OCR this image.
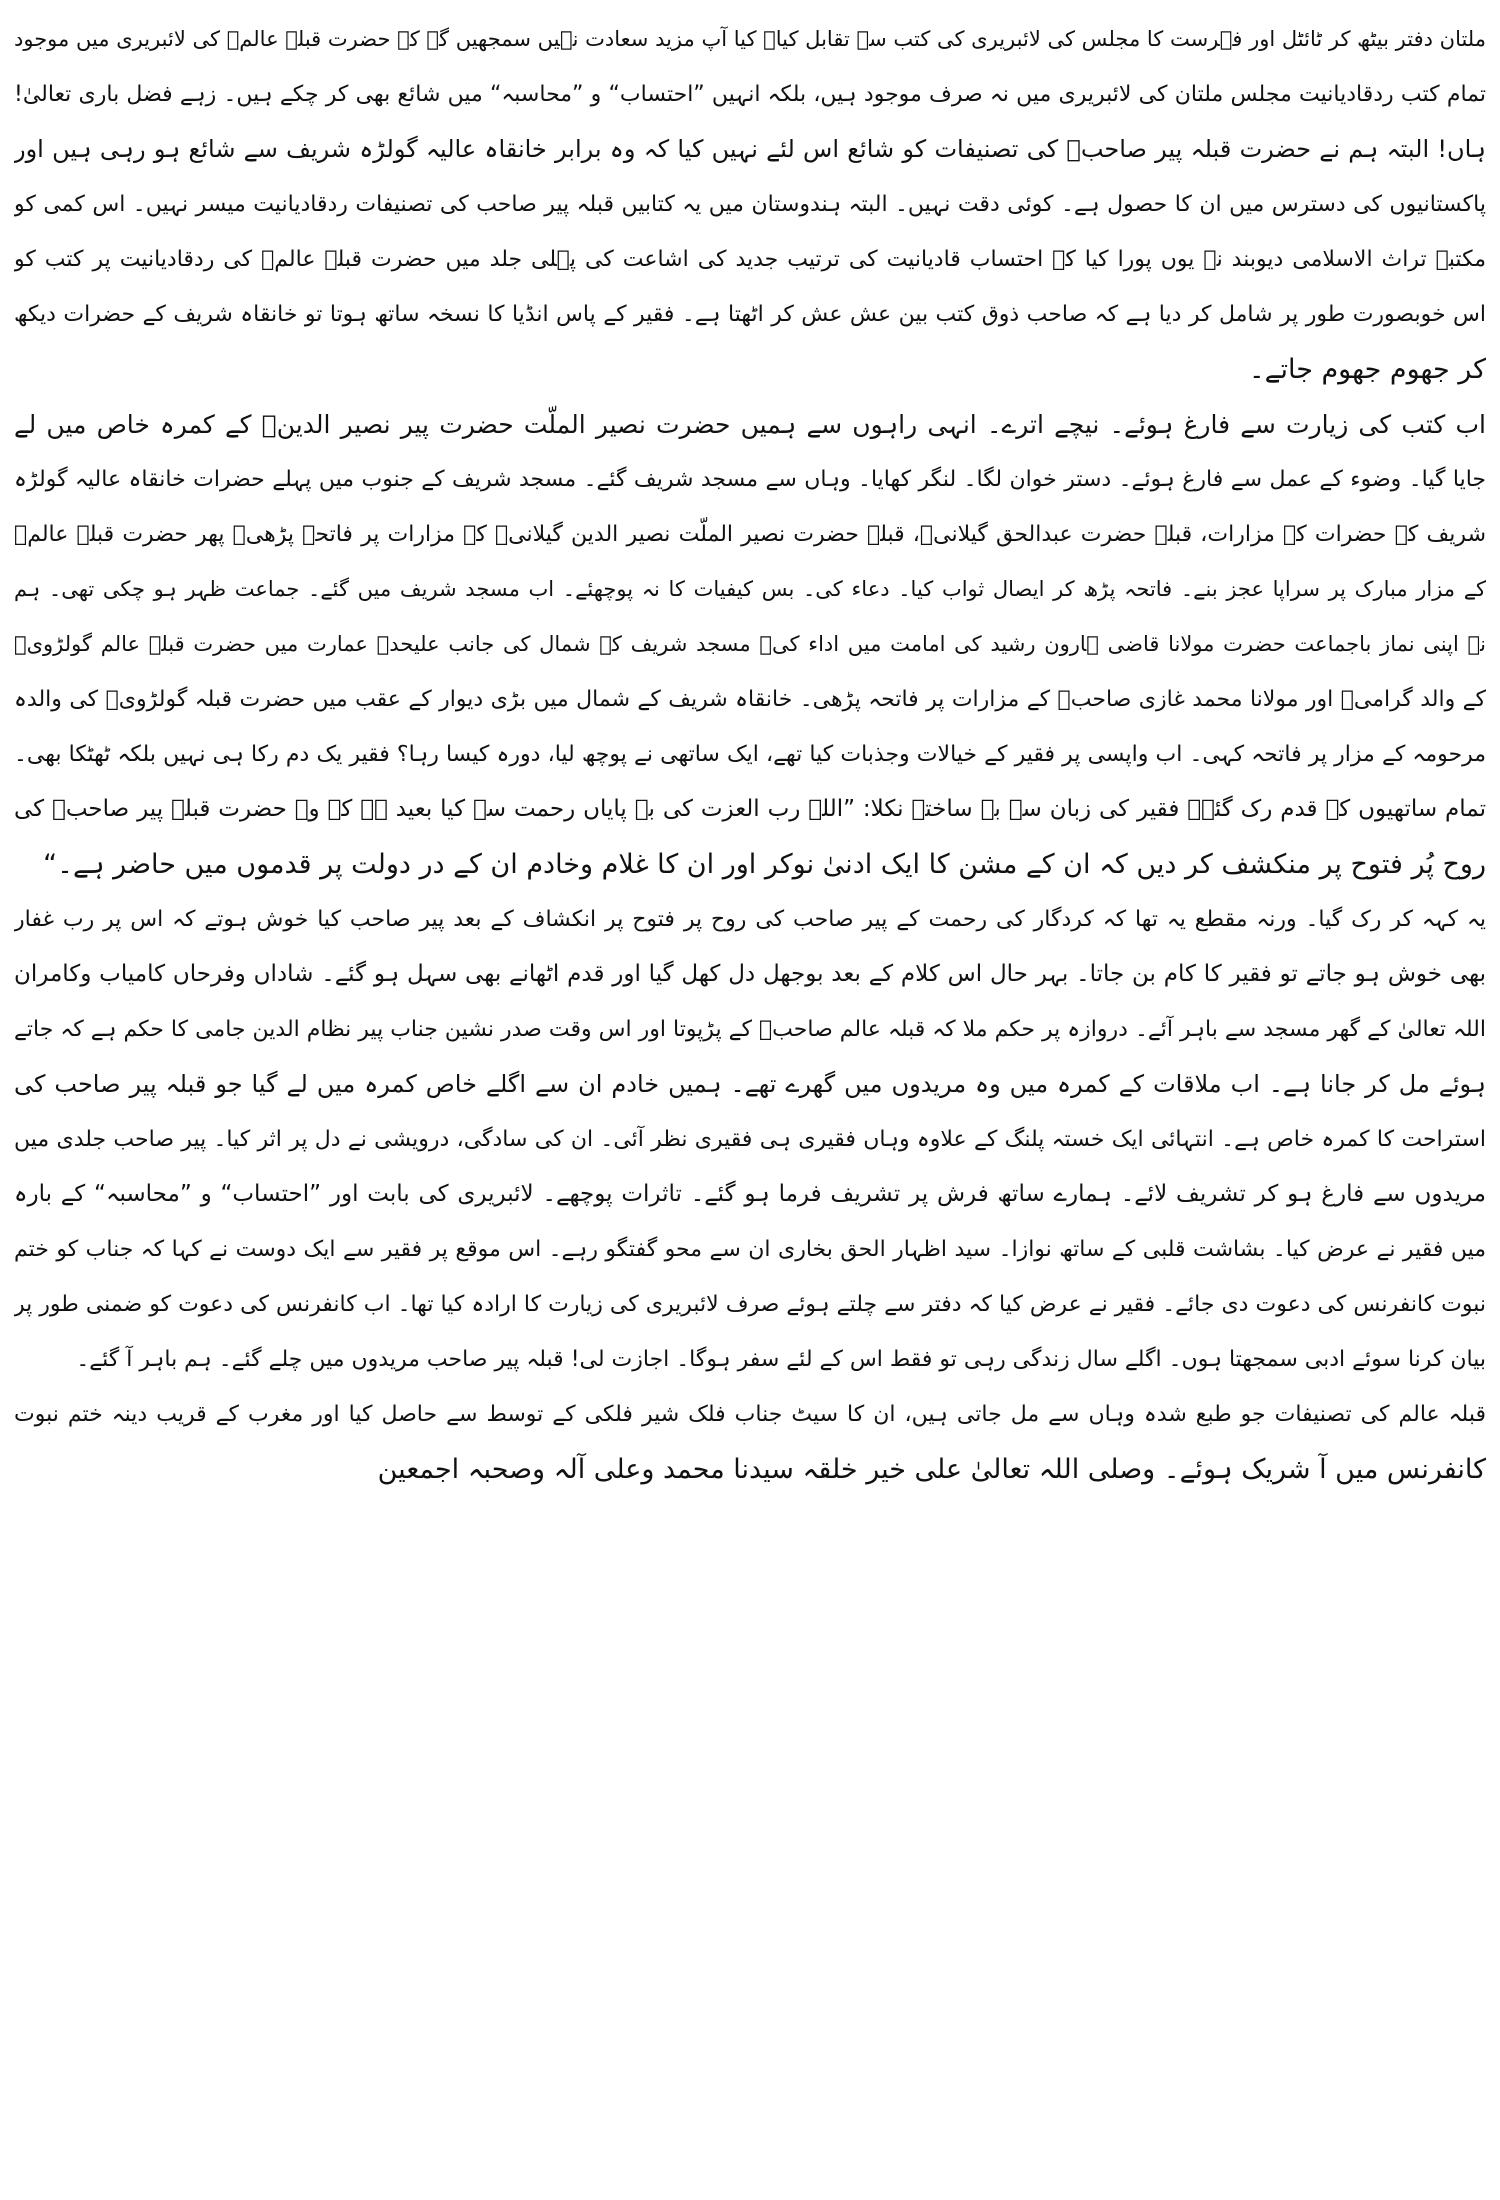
ملتان دفتر بیٹھ کر ٹائٹل اور فہرست کا مجلس کی لائبریری کی کتب سے تقابل کیا۔ کیا آپ مزید سعادت نہیں سمجھیں گے کہ حضرت قبلہ عالمؒ کی لائبریری میں موجود
تمام کتب ردقادیانیت مجلس ملتان کی لائبریری میں نہ صرف موجود ہیں، بلکہ انہیں ”احتساب“ و ”محاسبہ“ میں شائع بھی کر چکے ہیں۔ زہے فضل باری تعالیٰ!
ہاں! البتہ ہم نے حضرت قبلہ پیر صاحبؒ کی تصنیفات کو شائع اس لئے نہیں کیا کہ وہ برابر خانقاہ عالیہ گولڑہ شریف سے شائع ہو رہی ہیں اور
پاکستانیوں کی دسترس میں ان کا حصول ہے۔ کوئی دقت نہیں۔ البتہ ہندوستان میں یہ کتابیں قبلہ پیر صاحب کی تصنیفات ردقادیانیت میسر نہیں۔ اس کمی کو
مکتبہ تراث الاسلامی دیوبند نے یوں پورا کیا کہ احتساب قادیانیت کی ترتیب جدید کی اشاعت کی پہلی جلد میں حضرت قبلہ عالمؒ کی ردقادیانیت پر کتب کو
اس خوبصورت طور پر شامل کر دیا ہے کہ صاحب ذوق کتب بین عش عش کر اٹھتا ہے۔ فقیر کے پاس انڈیا کا نسخہ ساتھ ہوتا تو خانقاہ شریف کے حضرات دیکھ
کر جھوم جھوم جاتے۔
اب کتب کی زیارت سے فارغ ہوئے۔ نیچے اترے۔ انہی راہوں سے ہمیں حضرت نصیر الملّت حضرت پیر نصیر الدینؒ کے کمرہ خاص میں لے
جایا گیا۔ وضوء کے عمل سے فارغ ہوئے۔ دستر خوان لگا۔ لنگر کھایا۔ وہاں سے مسجد شریف گئے۔ مسجد شریف کے جنوب میں پہلے حضرات خانقاہ عالیہ گولڑہ
شریف کے حضرات کے مزارات، قبلہ حضرت عبدالحق گیلانیؒ، قبلہ حضرت نصیر الملّت نصیر الدین گیلانیؒ کے مزارات پر فاتحہ پڑھی۔ پھر حضرت قبلہ عالمؒ
کے مزار مبارک پر سراپا عجز بنے۔ فاتحہ پڑھ کر ایصال ثواب کیا۔ دعاء کی۔ بس کیفیات کا نہ پوچھئے۔ اب مسجد شریف میں گئے۔ جماعت ظہر ہو چکی تھی۔ ہم
نے اپنی نماز باجماعت حضرت مولانا قاضی ہارون رشید کی امامت میں اداء کی۔ مسجد شریف کے شمال کی جانب علیحدہ عمارت میں حضرت قبلہ عالم گولڑویؒ
کے والد گرامیؒ اور مولانا محمد غازی صاحبؒ کے مزارات پر فاتحہ پڑھی۔ خانقاہ شریف کے شمال میں بڑی دیوار کے عقب میں حضرت قبلہ گولڑویؒ کی والدہ
مرحومہ کے مزار پر فاتحہ کہی۔ اب واپسی پر فقیر کے خیالات وجذبات کیا تھے، ایک ساتھی نے پوچھ لیا، دورہ کیسا رہا؟ فقیر یک دم رکا ہی نہیں بلکہ ٹھٹکا بھی۔
تمام ساتھیوں کے قدم رک گئے۔ فقیر کی زبان سے بے ساختہ نکلا: ”اللہ رب العزت کی بے پایاں رحمت سے کیا بعید ہے کہ وہ حضرت قبلہ پیر صاحبؒ کی
روح پُر فتوح پر منکشف کر دیں کہ ان کے مشن کا ایک ادنیٰ نوکر اور ان کا غلام وخادم ان کے در دولت پر قدموں میں حاضر ہے۔“
یہ کہہ کر رک گیا۔ ورنہ مقطع یہ تھا کہ کردگار کی رحمت کے پیر صاحب کی روح پر فتوح پر انکشاف کے بعد پیر صاحب کیا خوش ہوتے کہ اس پر رب غفار
بھی خوش ہو جاتے تو فقیر کا کام بن جاتا۔ بہر حال اس کلام کے بعد بوجھل دل کھل گیا اور قدم اٹھانے بھی سہل ہو گئے۔ شاداں وفرحاں کامیاب وکامران
اللہ تعالیٰ کے گھر مسجد سے باہر آئے۔ دروازہ پر حکم ملا کہ قبلہ عالم صاحبؒ کے پڑپوتا اور اس وقت صدر نشین جناب پیر نظام الدین جامی کا حکم ہے کہ جاتے
ہوئے مل کر جانا ہے۔ اب ملاقات کے کمرہ میں وہ مریدوں میں گھرے تھے۔ ہمیں خادم ان سے اگلے خاص کمرہ میں لے گیا جو قبلہ پیر صاحب کی
استراحت کا کمرہ خاص ہے۔ انتہائی ایک خستہ پلنگ کے علاوہ وہاں فقیری ہی فقیری نظر آئی۔ ان کی سادگی، درویشی نے دل پر اثر کیا۔ پیر صاحب جلدی میں
مریدوں سے فارغ ہو کر تشریف لائے۔ ہمارے ساتھ فرش پر تشریف فرما ہو گئے۔ تاثرات پوچھے۔ لائبریری کی بابت اور ”احتساب“ و ”محاسبہ“ کے بارہ
میں فقیر نے عرض کیا۔ بشاشت قلبی کے ساتھ نوازا۔ سید اظہار الحق بخاری ان سے محو گفتگو رہے۔ اس موقع پر فقیر سے ایک دوست نے کہا کہ جناب کو ختم
نبوت کانفرنس کی دعوت دی جائے۔ فقیر نے عرض کیا کہ دفتر سے چلتے ہوئے صرف لائبریری کی زیارت کا ارادہ کیا تھا۔ اب کانفرنس کی دعوت کو ضمنی طور پر
بیان کرنا سوئے ادبی سمجھتا ہوں۔ اگلے سال زندگی رہی تو فقط اس کے لئے سفر ہوگا۔ اجازت لی! قبلہ پیر صاحب مریدوں میں چلے گئے۔ ہم باہر آ گئے۔
قبلہ عالم کی تصنیفات جو طبع شدہ وہاں سے مل جاتی ہیں، ان کا سیٹ جناب فلک شیر فلکی کے توسط سے حاصل کیا اور مغرب کے قریب دینہ ختم نبوت
کانفرنس میں آ شریک ہوئے۔ وصلی اللہ تعالیٰ علی خیر خلقہ سیدنا محمد وعلی آلہ وصحبہ اجمعین
